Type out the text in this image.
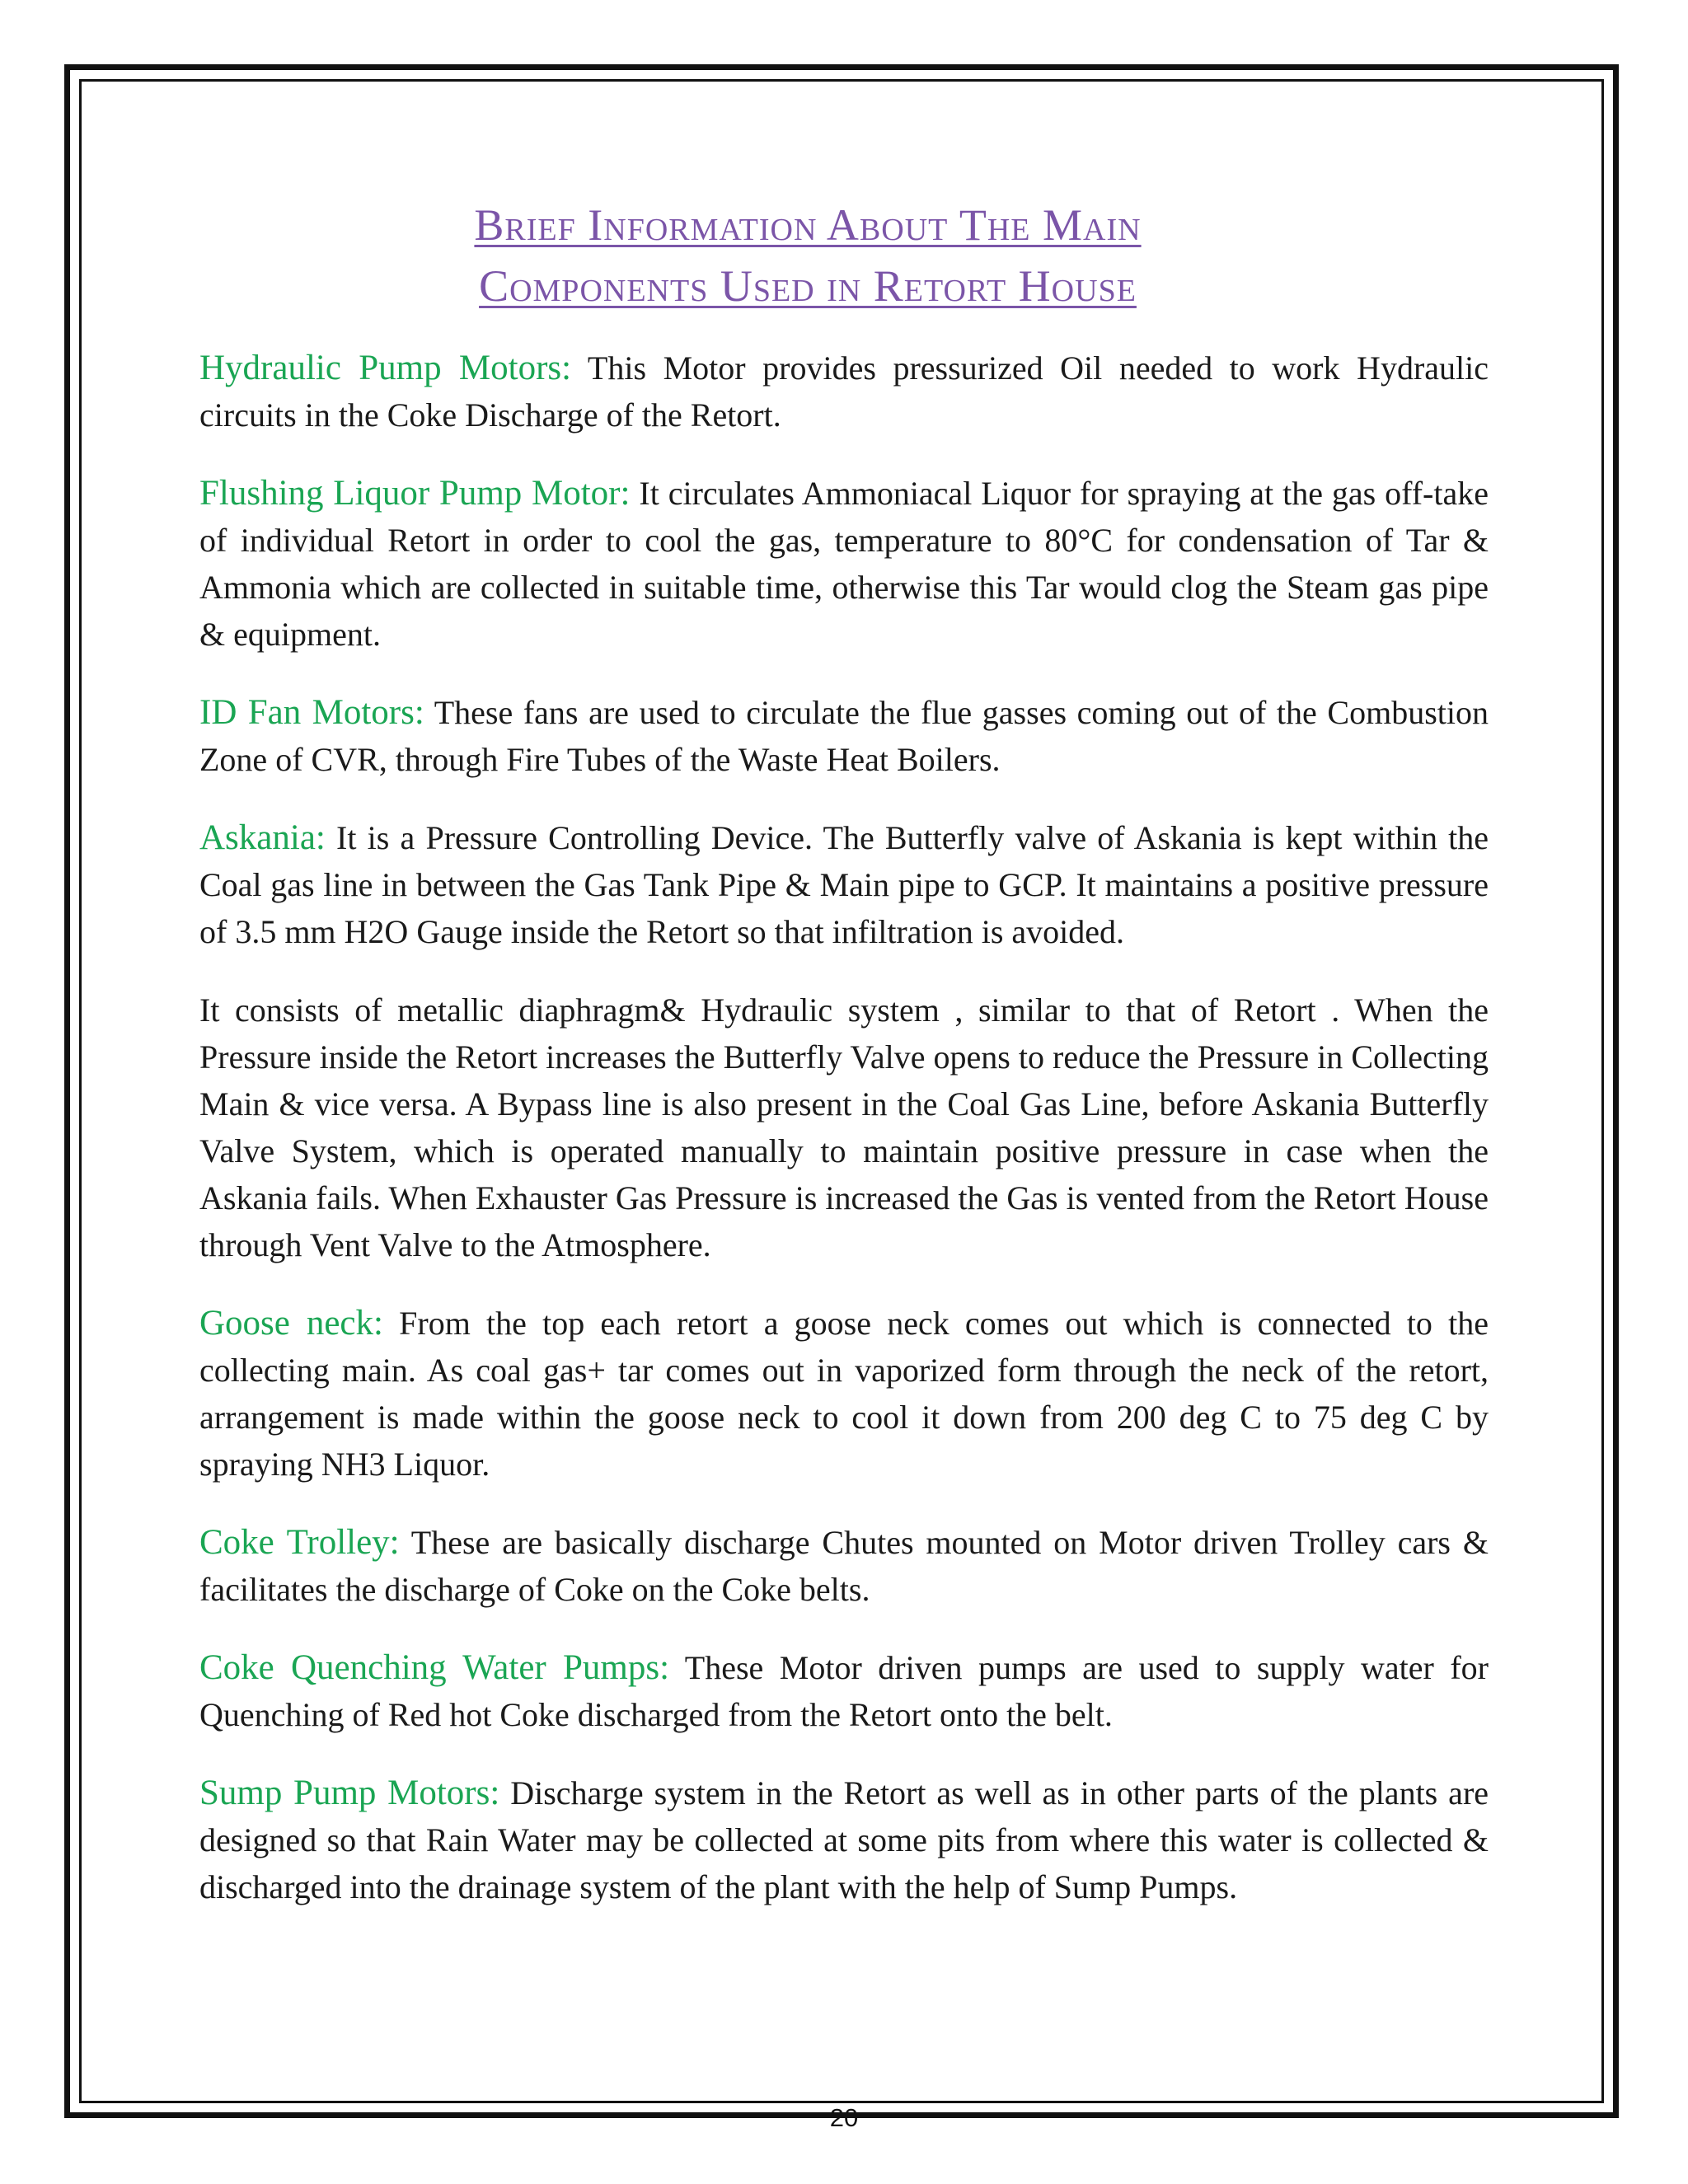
Brief Information About The Main
Components Used in Retort House

Hydraulic Pump Motors: This Motor provides pressurized Oil needed to work Hydraulic circuits in the Coke Discharge of the Retort.

Flushing Liquor Pump Motor: It circulates Ammoniacal Liquor for spraying at the gas off-take of individual Retort in order to cool the gas, temperature to 80°C for condensation of Tar & Ammonia which are collected in suitable time, otherwise this Tar would clog the Steam gas pipe & equipment.

ID Fan Motors: These fans are used to circulate the flue gasses coming out of the Combustion Zone of CVR, through Fire Tubes of the Waste Heat Boilers.

Askania: It is a Pressure Controlling Device. The Butterfly valve of Askania is kept within the Coal gas line in between the Gas Tank Pipe & Main pipe to GCP. It maintains a positive pressure of 3.5 mm H2O Gauge inside the Retort so that infiltration is avoided.

It consists of metallic diaphragm& Hydraulic system , similar to that of Retort . When the Pressure inside the Retort increases the Butterfly Valve opens to reduce the Pressure in Collecting Main & vice versa. A Bypass line is also present in the Coal Gas Line, before Askania Butterfly Valve System, which is operated manually to maintain positive pressure in case when the Askania fails. When Exhauster Gas Pressure is increased the Gas is vented from the Retort House through Vent Valve to the Atmosphere.

Goose neck: From the top each retort a goose neck comes out which is connected to the collecting main. As coal gas+ tar comes out in vaporized form through the neck of the retort, arrangement is made within the goose neck to cool it down from 200 deg C to 75 deg C by spraying NH3 Liquor.

Coke Trolley: These are basically discharge Chutes mounted on Motor driven Trolley cars & facilitates the discharge of Coke on the Coke belts.

Coke Quenching Water Pumps: These Motor driven pumps are used to supply water for Quenching of Red hot Coke discharged from the Retort onto the belt.

Sump Pump Motors: Discharge system in the Retort as well as in other parts of the plants are designed so that Rain Water may be collected at some pits from where this water is collected & discharged into the drainage system of the plant with the help of Sump Pumps.

20
